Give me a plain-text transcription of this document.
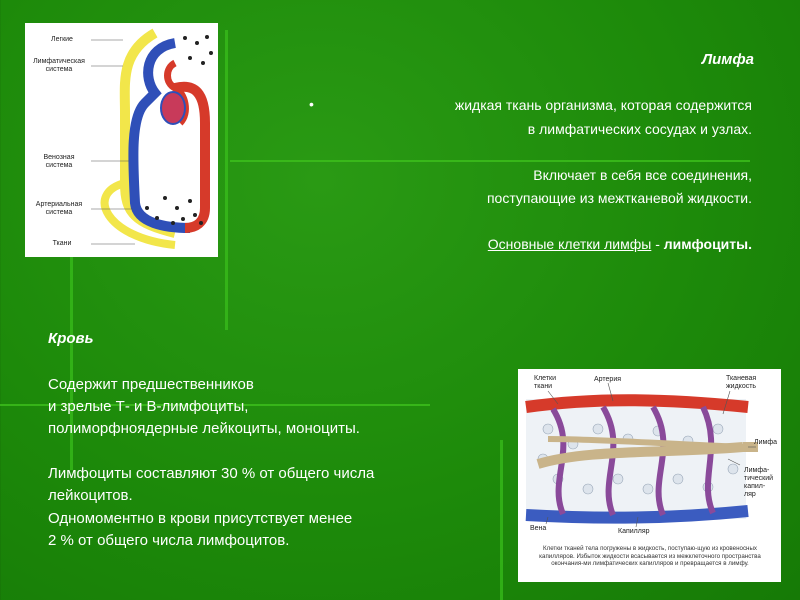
Легкие
Лимфатическая
система
Венозная
система
Артериальная
система
Ткани
Лимфа
•	жидкая ткань организма, которая содержится
в лимфатических сосудах и узлах.
Включает в себя все соединения,
поступающие из межтканевой жидкости.
Основные клетки лимфы - лимфоциты.
Кровь
Содержит предшественников
и зрелые Т- и В-лимфоциты,
полиморфноядерные лейкоциты, моноциты.
Лимфоциты составляют 30 % от общего числа
лейкоцитов.
Одномоментно в крови присутствует менее
2 % от общего числа лимфоцитов.
Клетки
ткани
Артерия	Тканевая
жидкость
Лимфа
Лимфа-
тический
капил-
ляр
Вена	Капилляр
Клетки тканей тела погружены в жидкость, поступаю-щую из кровеносных капилляров. Избыток жидкости всасывается из межклеточного пространства окончания-ми лимфатических капилляров и превращается в лимфу.
